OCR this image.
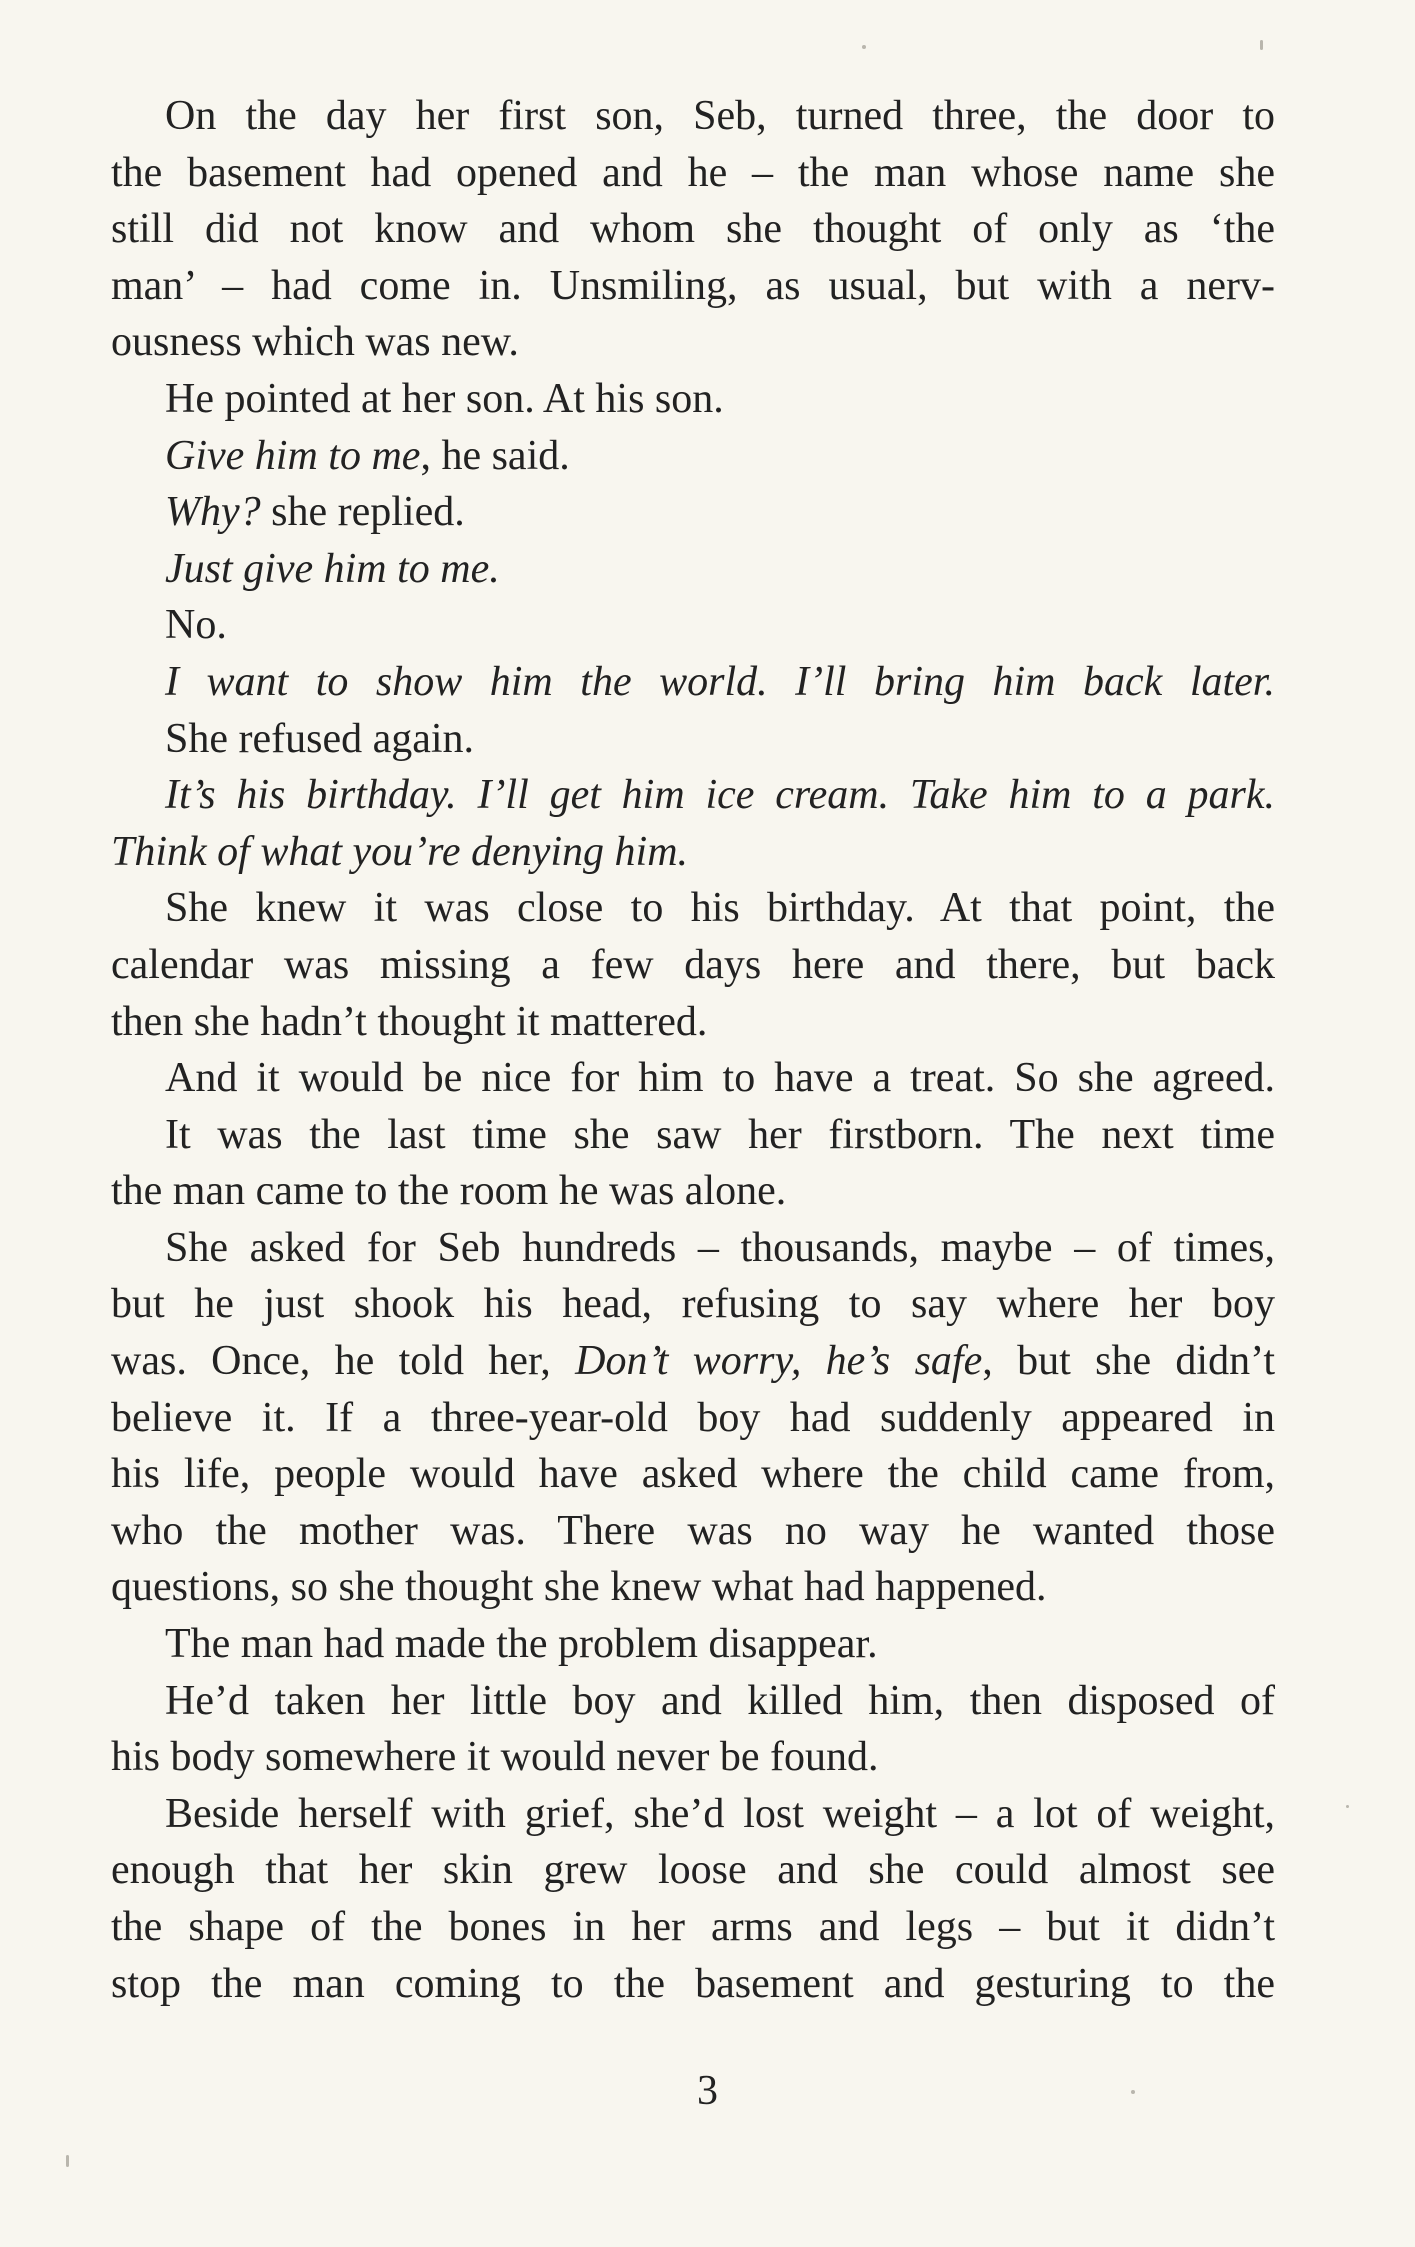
On the day her first son, Seb, turned three, the door to
the basement had opened and he – the man whose name she
still did not know and whom she thought of only as ‘the
man’ – had come in. Unsmiling, as usual, but with a nerv-
ousness which was new.
He pointed at her son. At his son.
Give him to me, he said.
Why? she replied.
Just give him to me.
No.
I want to show him the world. I’ll bring him back later.
She refused again.
It’s his birthday. I’ll get him ice cream. Take him to a park.
Think of what you’re denying him.
She knew it was close to his birthday. At that point, the
calendar was missing a few days here and there, but back
then she hadn’t thought it mattered.
And it would be nice for him to have a treat. So she agreed.
It was the last time she saw her firstborn. The next time
the man came to the room he was alone.
She asked for Seb hundreds – thousands, maybe – of times,
but he just shook his head, refusing to say where her boy
was. Once, he told her, Don’t worry, he’s safe, but she didn’t
believe it. If a three-year-old boy had suddenly appeared in
his life, people would have asked where the child came from,
who the mother was. There was no way he wanted those
questions, so she thought she knew what had happened.
The man had made the problem disappear.
He’d taken her little boy and killed him, then disposed of
his body somewhere it would never be found.
Beside herself with grief, she’d lost weight – a lot of weight,
enough that her skin grew loose and she could almost see
the shape of the bones in her arms and legs – but it didn’t
stop the man coming to the basement and gesturing to the
3
